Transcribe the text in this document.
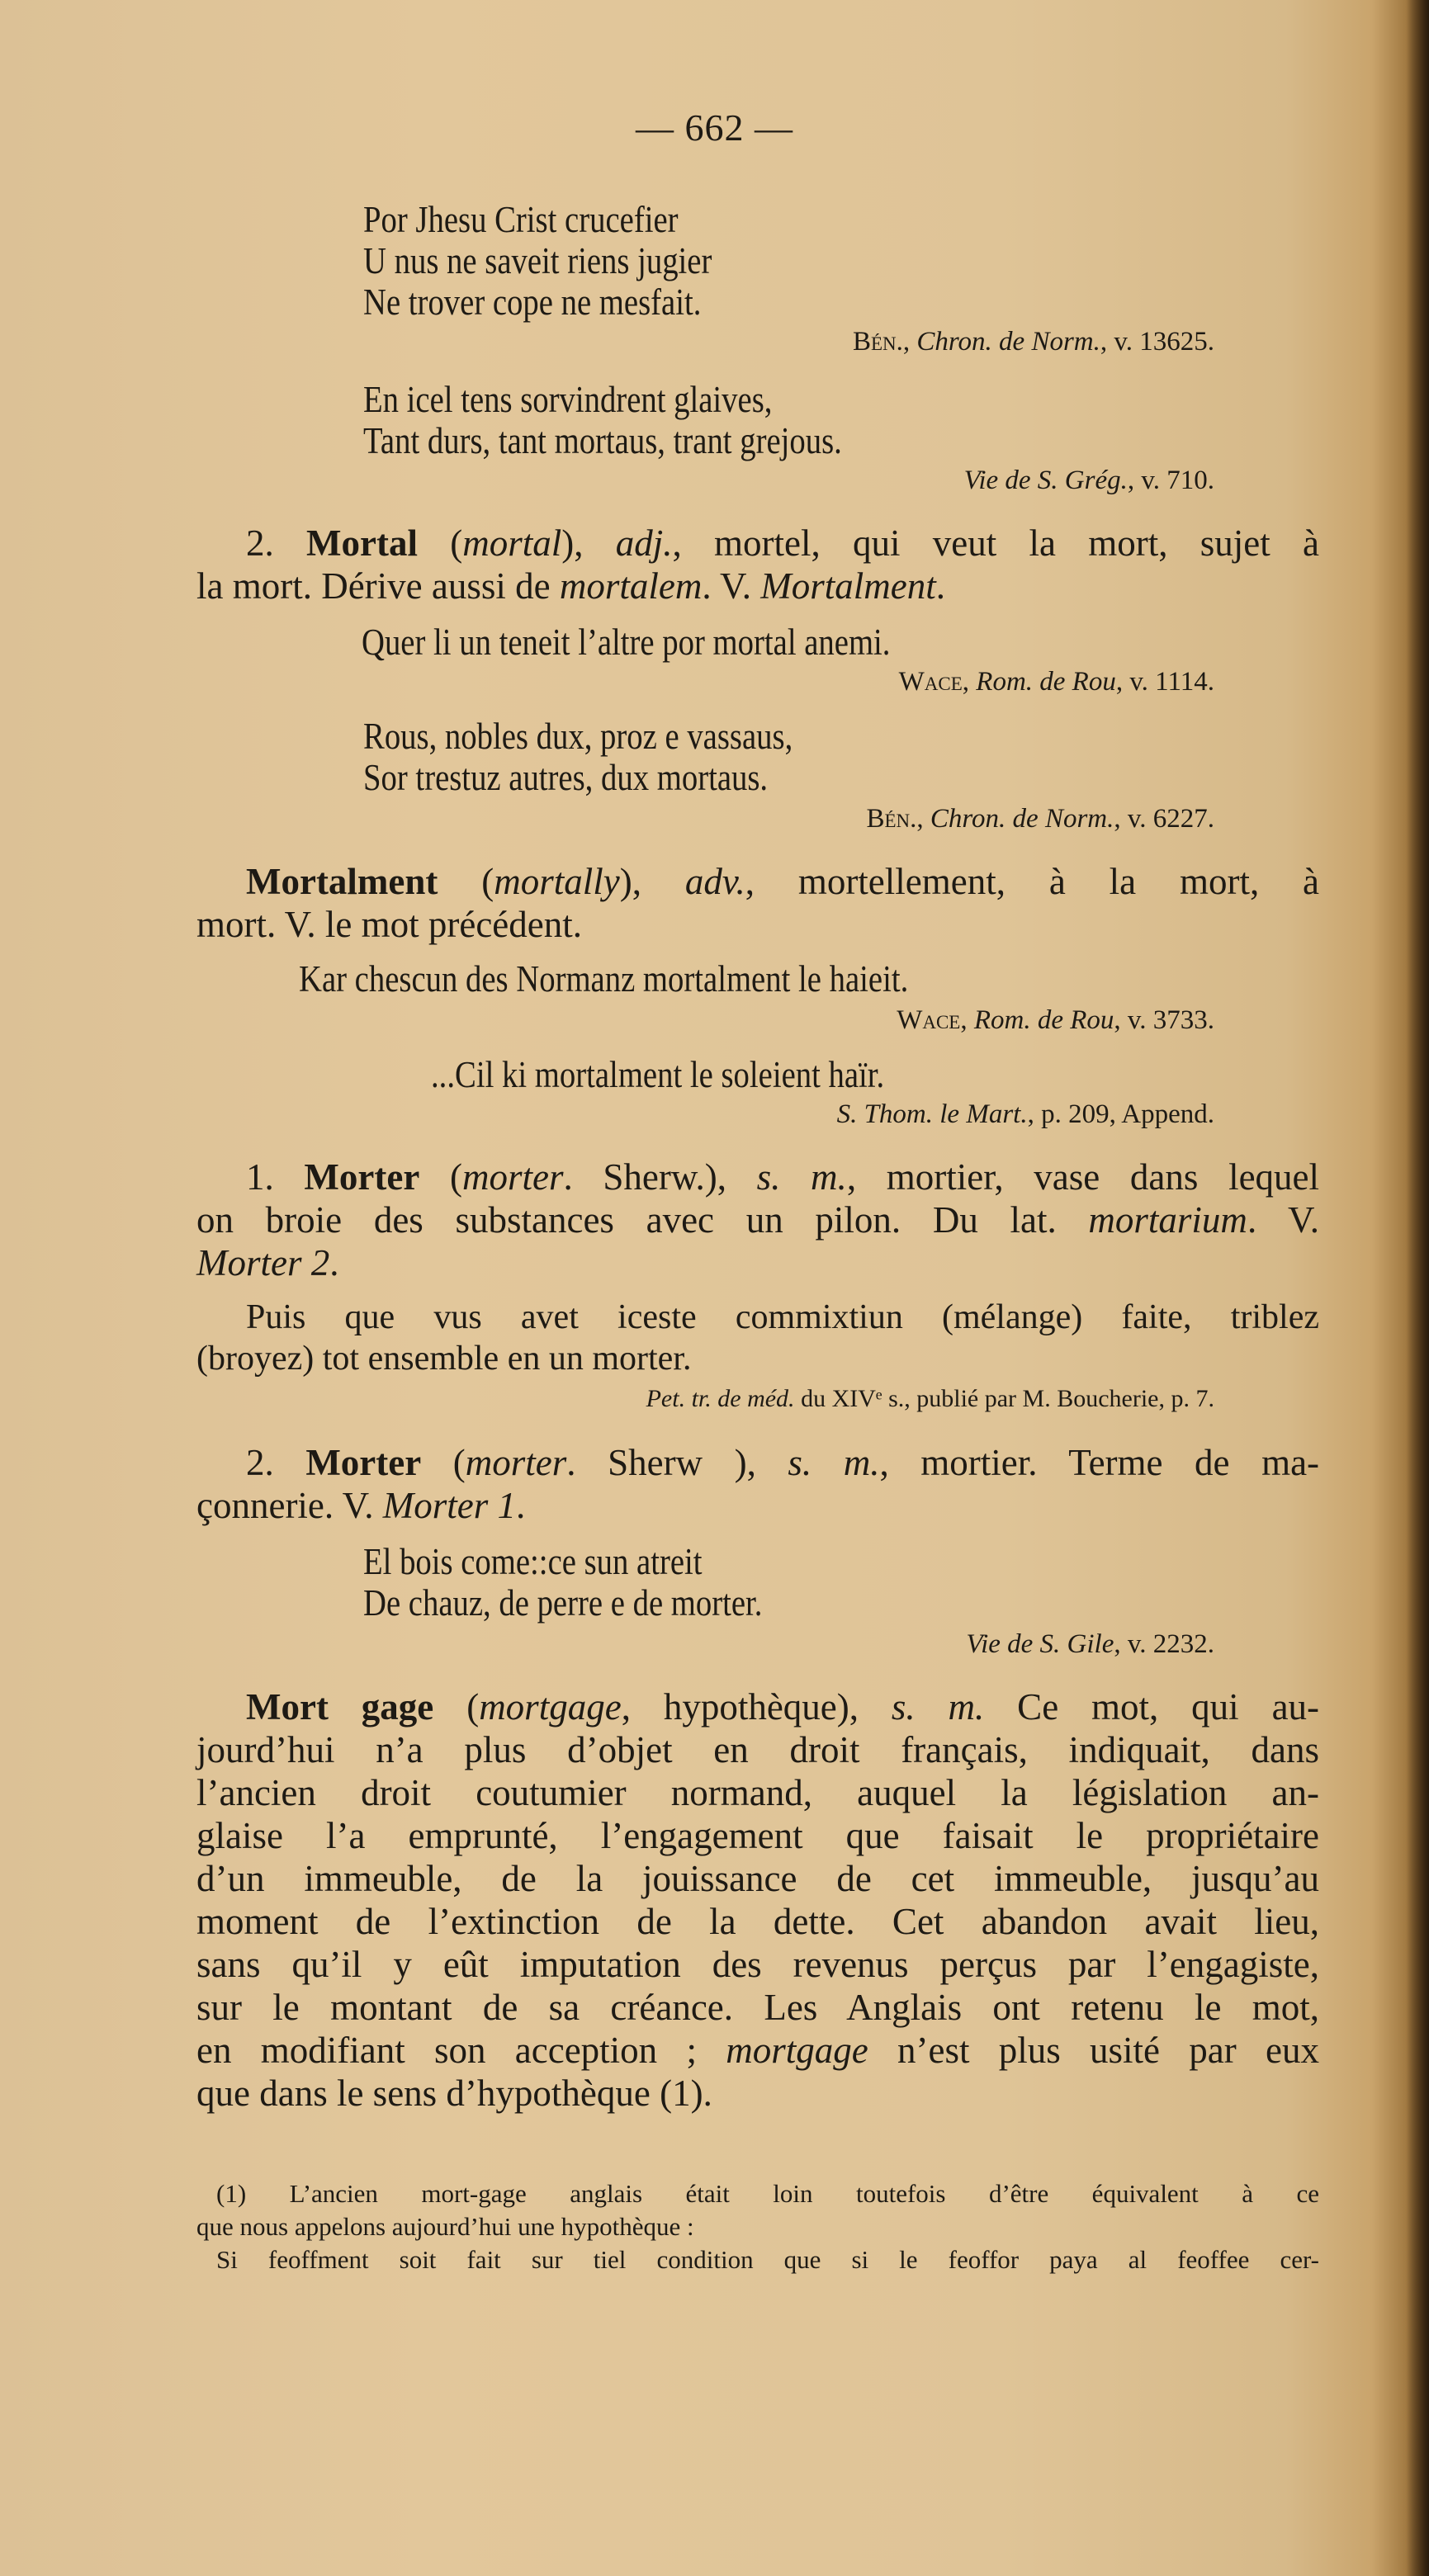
— 662 —
Por Jhesu Crist crucefier
U nus ne saveit riens jugier
Ne trover cope ne mesfait.
Bén., Chron. de Norm., v. 13625.
En icel tens sorvindrent glaives,
Tant durs, tant mortaus, trant grejous.
Vie de S. Grég., v. 710.
2. Mortal (mortal), adj., mortel, qui veut la mort, sujet à
la mort. Dérive aussi de mortalem. V. Mortalment.
Quer li un teneit l’altre por mortal anemi.
Wace, Rom. de Rou, v. 1114.
Rous, nobles dux, proz e vassaus,
Sor trestuz autres, dux mortaus.
Bén., Chron. de Norm., v. 6227.
Mortalment (mortally), adv., mortellement, à la mort, à
mort. V. le mot précédent.
Kar chescun des Normanz mortalment le haieit.
Wace, Rom. de Rou, v. 3733.
...Cil ki mortalment le soleient haïr.
S. Thom. le Mart., p. 209, Append.
1. Morter (morter. Sherw.), s. m., mortier, vase dans lequel
on broie des substances avec un pilon. Du lat. mortarium. V.
Morter 2.
Puis que vus avet iceste commixtiun (mélange) faite, triblez
(broyez) tot ensemble en un morter.
Pet. tr. de méd. du XIVᵉ s., publié par M. Boucherie, p. 7.
2. Morter (morter. Sherw ), s. m., mortier. Terme de ma-
çonnerie. V. Morter 1.
El bois come::ce sun atreit
De chauz, de perre e de morter.
Vie de S. Gile, v. 2232.
Mort gage (mortgage, hypothèque), s. m. Ce mot, qui au-
jourd’hui n’a plus d’objet en droit français, indiquait, dans
l’ancien droit coutumier normand, auquel la législation an-
glaise l’a emprunté, l’engagement que faisait le propriétaire
d’un immeuble, de la jouissance de cet immeuble, jusqu’au
moment de l’extinction de la dette. Cet abandon avait lieu,
sans qu’il y eût imputation des revenus perçus par l’engagiste,
sur le montant de sa créance. Les Anglais ont retenu le mot,
en modifiant son acception ; mortgage n’est plus usité par eux
que dans le sens d’hypothèque (1).
(1) L’ancien mort-gage anglais était loin toutefois d’être équivalent à ce
que nous appelons aujourd’hui une hypothèque :
Si feoffment soit fait sur tiel condition que si le feoffor paya al feoffee cer-
